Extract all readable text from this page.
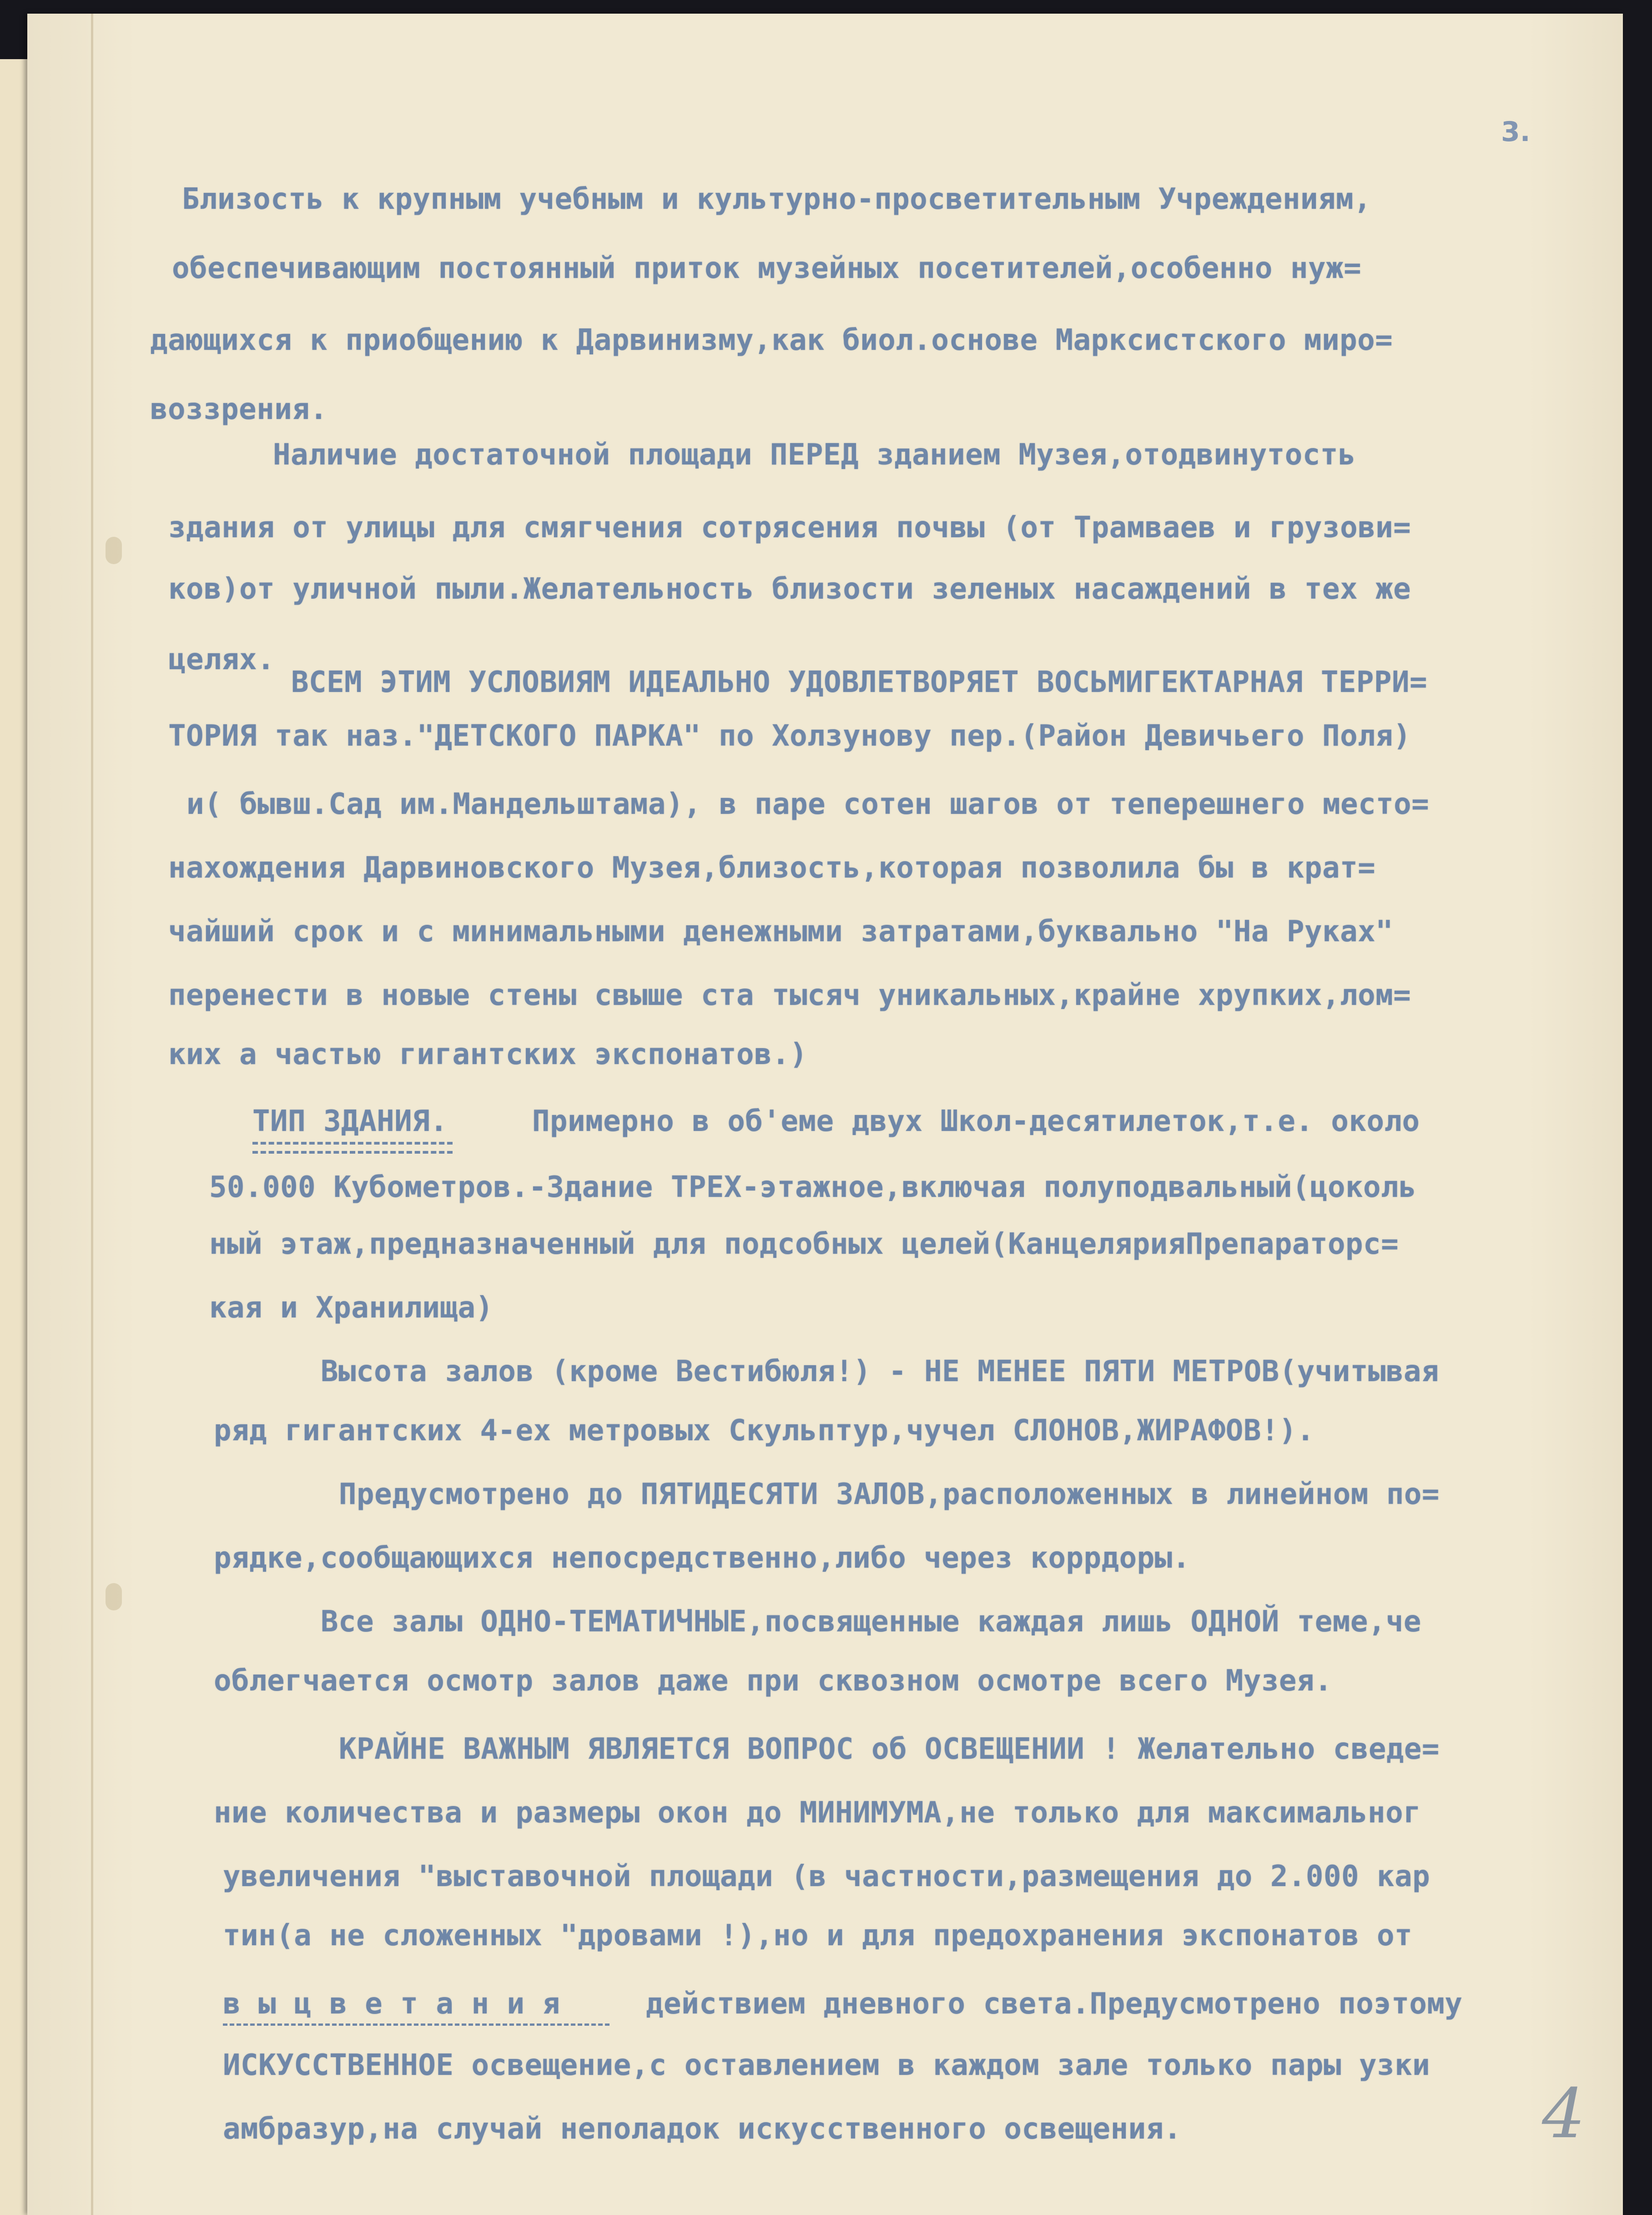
3.
Близость к крупным учебным и культурно-просветительным Учреждениям,
обеспечивающим постоянный приток музейных посетителей,особенно нуж=
дающихся к приобщению к Дарвинизму,как биол.основе Марксистского миро=
воззрения.
Наличие достаточной площади ПЕРЕД зданием Музея,отодвинутость
здания от улицы для смягчения сотрясения почвы (от Трамваев и грузови=
ков)от уличной пыли.Желательность близости зеленых насаждений в тех же
целях.
ВСЕМ ЭТИМ УСЛОВИЯМ ИДЕАЛЬНО УДОВЛЕТВОРЯЕТ ВОСЬМИГЕКТАРНАЯ ТЕРРИ=
ТОРИЯ так наз."ДЕТСКОГО ПАРКА" по Холзунову пер.(Район Девичьего Поля)
и( бывш.Сад им.Мандельштама), в паре сотен шагов от теперешнего место=
нахождения Дарвиновского Музея,близость,которая позволила бы в крат=
чайший срок и с минимальными денежными затратами,буквально "На Руках"
перенести в новые стены свыше ста тысяч уникальных,крайне хрупких,лом=
ких а частью гигантских экспонатов.)
ТИП ЗДАНИЯ.	Примерно в об'еме двух Школ-десятилеток,т.е. около
50.000 Кубометров.-Здание ТРЕХ-этажное,включая полуподвальный(цоколь
ный этаж,предназначенный для подсобных целей(КанцелярияПрепараторс=
кая и Хранилища)
Высота залов (кроме Вестибюля!) - НЕ МЕНЕЕ ПЯТИ МЕТРОВ(учитывая
ряд гигантских 4-ех метровых Скульптур,чучел СЛОНОВ,ЖИРАФОВ!).
Предусмотрено до ПЯТИДЕСЯТИ ЗАЛОВ,расположенных в линейном по=
рядке,сообщающихся непосредственно,либо через коррдоры.
Все залы ОДНО-ТЕМАТИЧНЫЕ,посвященные каждая лишь ОДНОЙ теме,че
облегчается осмотр залов даже при сквозном осмотре всего Музея.
КРАЙНЕ ВАЖНЫМ ЯВЛЯЕТСЯ ВОПРОС об ОСВЕЩЕНИИ ! Желательно сведе=
ние количества и размеры окон до МИНИМУМА,не только для максимальног
увеличения "выставочной площади (в частности,размещения до 2.000 кар
тин(а не сложенных "дровами !),но и для предохранения экспонатов от
в ы ц в е т а н и я	действием дневного света.Предусмотрено поэтому
ИСКУССТВЕННОЕ освещение,с оставлением в каждом зале только пары узки
амбразур,на случай неполадок искусственного освещения.	4
